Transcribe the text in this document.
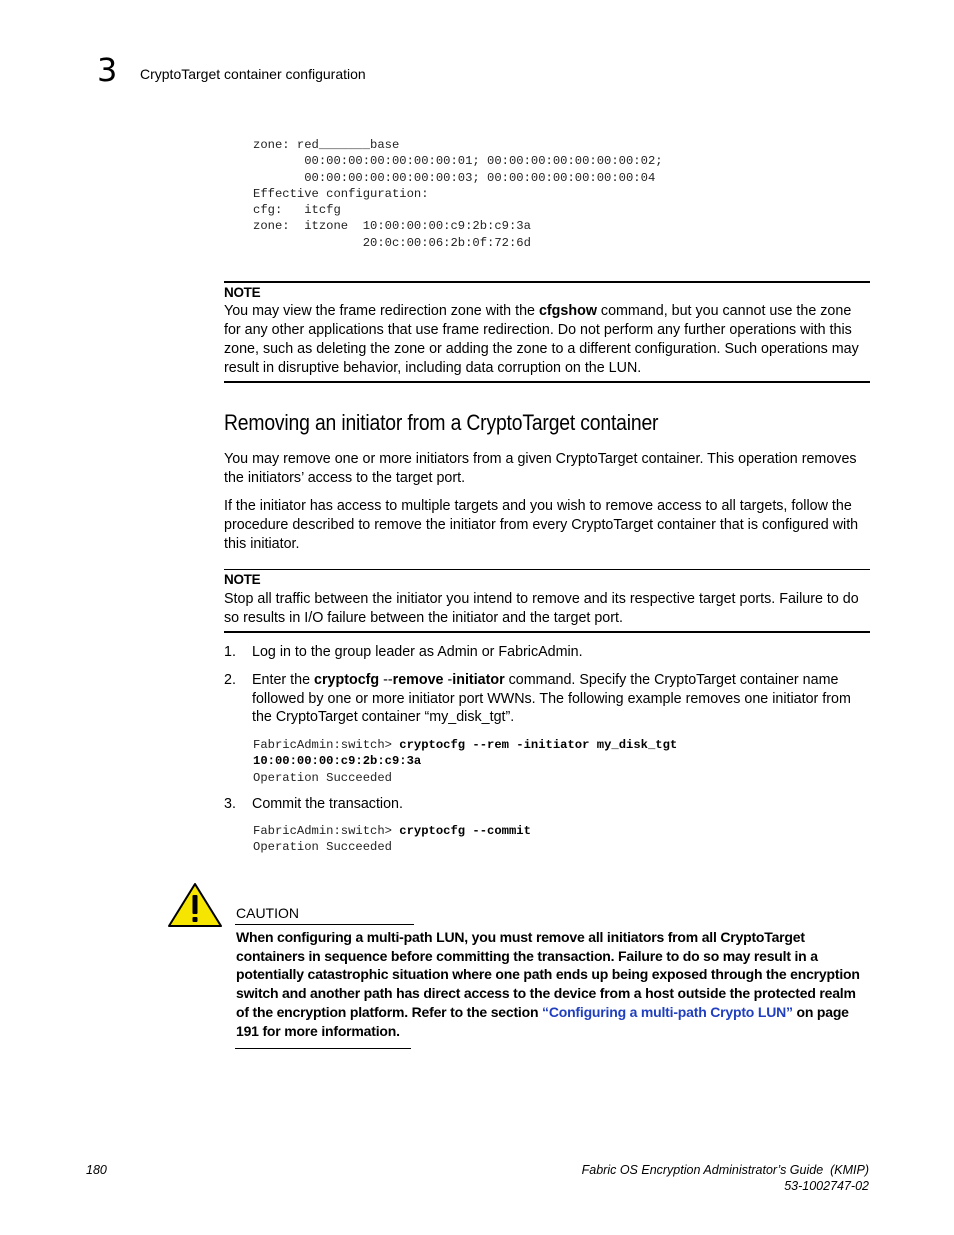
3 CryptoTarget container configuration
zone: red_______base
00:00:00:00:00:00:00:01; 00:00:00:00:00:00:00:02;
00:00:00:00:00:00:00:03; 00:00:00:00:00:00:00:04
Effective configuration:
cfg:   itcfg
zone:  itzone  10:00:00:00:c9:2b:c9:3a
20:0c:00:06:2b:0f:72:6d
NOTE
You may view the frame redirection zone with the cfgshow command, but you cannot use the zone for any other applications that use frame redirection. Do not perform any further operations with this zone, such as deleting the zone or adding the zone to a different configuration. Such operations may result in disruptive behavior, including data corruption on the LUN.
Removing an initiator from a CryptoTarget container
You may remove one or more initiators from a given CryptoTarget container. This operation removes the initiators’ access to the target port.
If the initiator has access to multiple targets and you wish to remove access to all targets, follow the procedure described to remove the initiator from every CryptoTarget container that is configured with this initiator.
NOTE
Stop all traffic between the initiator you intend to remove and its respective target ports. Failure to do so results in I/O failure between the initiator and the target port.
1. Log in to the group leader as Admin or FabricAdmin.
2. Enter the cryptocfg --remove -initiator command. Specify the CryptoTarget container name followed by one or more initiator port WWNs. The following example removes one initiator from the CryptoTarget container “my_disk_tgt”.
FabricAdmin:switch> cryptocfg --rem -initiator my_disk_tgt
10:00:00:00:c9:2b:c9:3a
Operation Succeeded
3. Commit the transaction.
FabricAdmin:switch> cryptocfg --commit
Operation Succeeded
CAUTION
When configuring a multi-path LUN, you must remove all initiators from all CryptoTarget containers in sequence before committing the transaction. Failure to do so may result in a potentially catastrophic situation where one path ends up being exposed through the encryption switch and another path has direct access to the device from a host outside the protected realm of the encryption platform. Refer to the section “Configuring a multi-path Crypto LUN” on page 191 for more information.
180	Fabric OS Encryption Administrator’s Guide  (KMIP)
53-1002747-02
